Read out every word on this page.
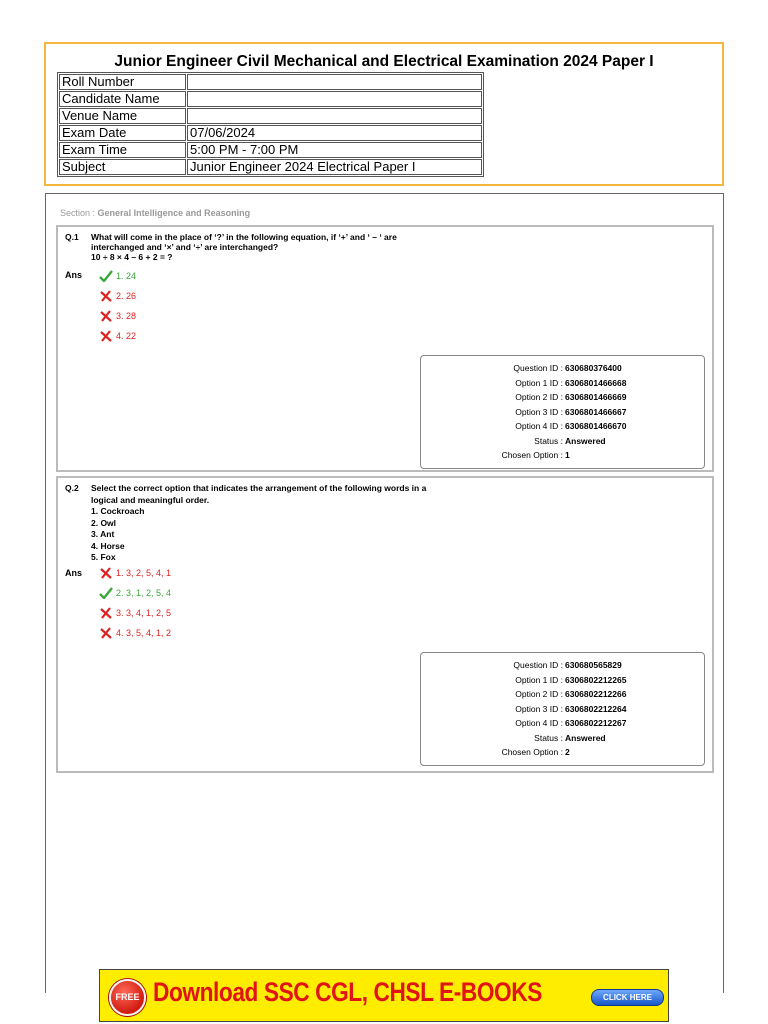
Junior Engineer Civil Mechanical and Electrical Examination 2024 Paper I
Roll Number	
Candidate Name	
Venue Name	
Exam Date	07/06/2024
Exam Time	5:00 PM - 7:00 PM
Subject	Junior Engineer 2024 Electrical Paper I
Section : General Intelligence and Reasoning
Q.1 What will come in the place of ‘?’ in the following equation, if ‘+’ and ‘ – ‘ are
interchanged and ‘×’ and ‘÷’ are interchanged?
10 ÷ 8 × 4 – 6 + 2 = ?
Ans	1. 24
2. 26
3. 28
4. 22
Question ID : 630680376400
Option 1 ID : 6306801466668
Option 2 ID : 6306801466669
Option 3 ID : 6306801466667
Option 4 ID : 6306801466670
Status : Answered
Chosen Option : 1
Q.2 Select the correct option that indicates the arrangement of the following words in a
logical and meaningful order.
1. Cockroach
2. Owl
3. Ant
4. Horse
5. Fox
Ans	1. 3, 2, 5, 4, 1
2. 3, 1, 2, 5, 4
3. 3, 4, 1, 2, 5
4. 3, 5, 4, 1, 2
Question ID : 630680565829
Option 1 ID : 6306802212265
Option 2 ID : 6306802212266
Option 3 ID : 6306802212264
Option 4 ID : 6306802212267
Status : Answered
Chosen Option : 2
FREE Download SSC CGL, CHSL E-BOOKS	CLICK HERE
